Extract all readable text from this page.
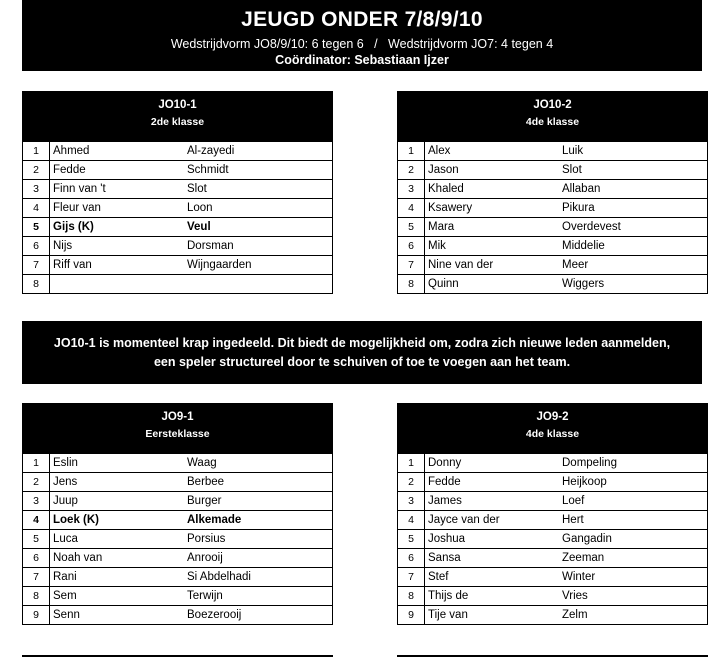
JEUGD ONDER 7/8/9/10
Wedstrijdvorm JO8/9/10: 6 tegen 6   /   Wedstrijdvorm JO7: 4 tegen 4
Coördinator: Sebastiaan Ijzer
JO10-1
2de klasse
1	Ahmed	Al-zayedi
2	Fedde	Schmidt
3	Finn van 't	Slot
4	Fleur van	Loon
5	Gijs (K)	Veul
6	Nijs	Dorsman
7	Riff van	Wijngaarden
8		
JO10-2
4de klasse
1	Alex	Luik
2	Jason	Slot
3	Khaled	Allaban
4	Ksawery	Pikura
5	Mara	Overdevest
6	Mik	Middelie
7	Nine van der	Meer
8	Quinn	Wiggers
JO10-1 is momenteel krap ingedeeld. Dit biedt de mogelijkheid om, zodra zich nieuwe leden aanmelden,
een speler structureel door te schuiven of toe te voegen aan het team.
JO9-1
Eersteklasse
1	Eslin	Waag
2	Jens	Berbee
3	Juup	Burger
4	Loek (K)	Alkemade
5	Luca	Porsius
6	Noah van	Anrooij
7	Rani	Si Abdelhadi
8	Sem	Terwijn
9	Senn	Boezerooij
JO9-2
4de klasse
1	Donny	Dompeling
2	Fedde	Heijkoop
3	James	Loef
4	Jayce van der	Hert
5	Joshua	Gangadin
6	Sansa	Zeeman
7	Stef	Winter
8	Thijs de	Vries
9	Tije van	Zelm
